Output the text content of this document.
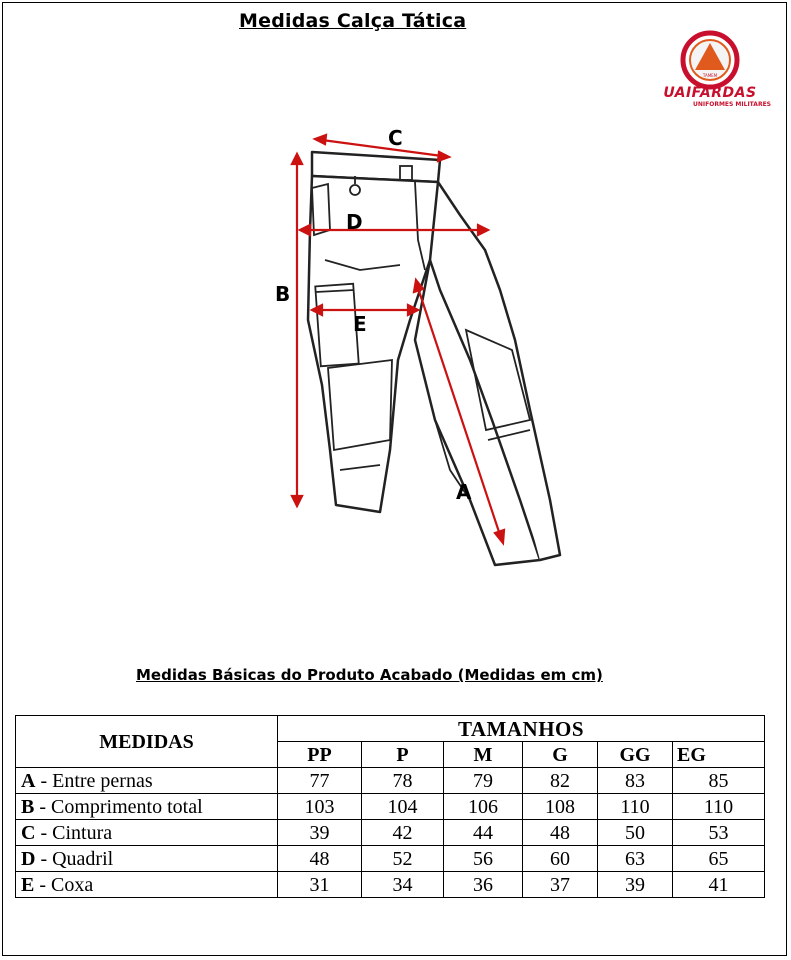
Medidas Calça Tática
TAMEM
UAIFARDAS
UNIFORMES MILITARES
C
D
B
E
A
Medidas Básicas do Produto Acabado (Medidas em cm)
MEDIDAS	TAMANHOS					
	PP	P	M	G	GG	EG
A - Entre pernas	77	78	79	82	83	85
B - Comprimento total	103	104	106	108	110	110
C - Cintura	39	42	44	48	50	53
D - Quadril	48	52	56	60	63	65
E - Coxa	31	34	36	37	39	41
